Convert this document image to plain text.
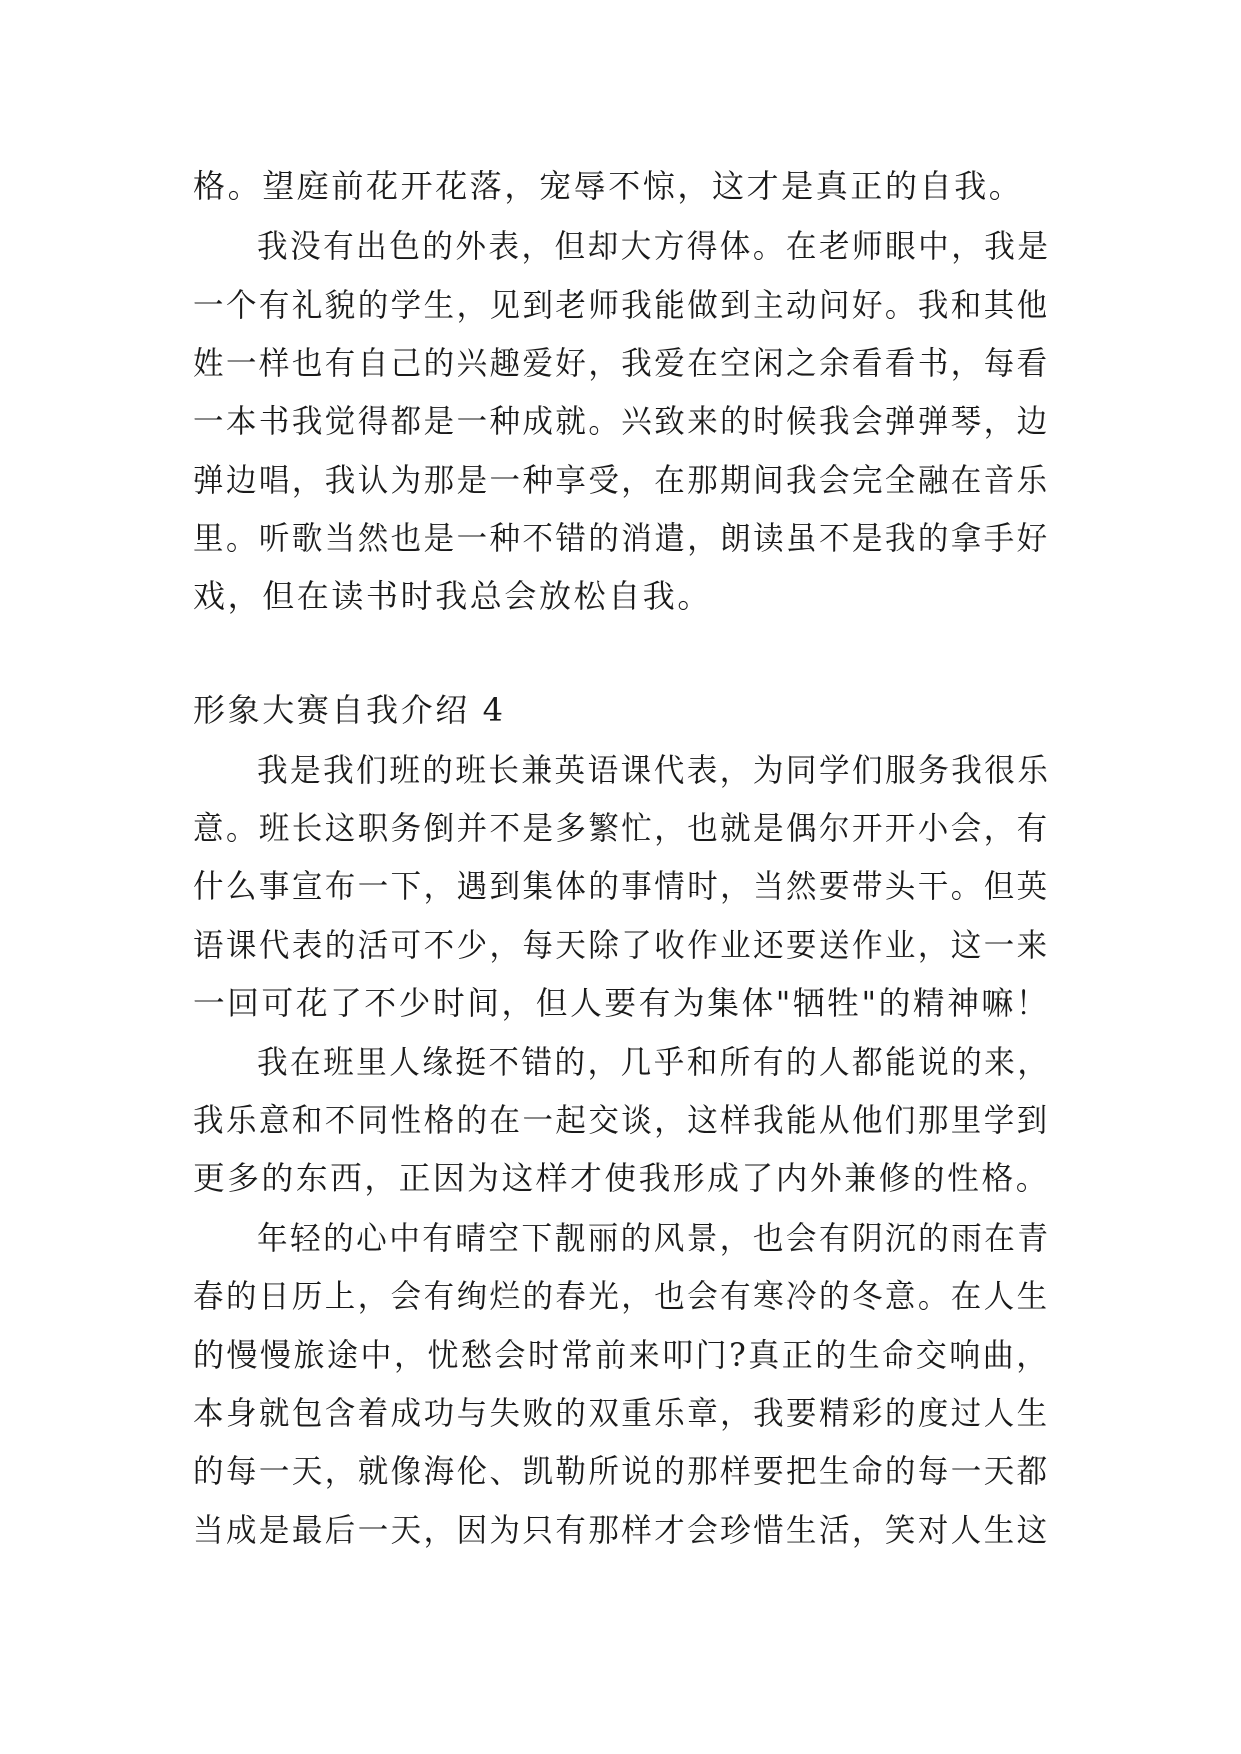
格。望庭前花开花落，宠辱不惊，这才是真正的自我。
我没有出色的外表，但却大方得体。在老师眼中，我是
一个有礼貌的学生，见到老师我能做到主动问好。我和其他
姓一样也有自己的兴趣爱好，我爱在空闲之余看看书，每看
一本书我觉得都是一种成就。兴致来的时候我会弹弹琴，边
弹边唱，我认为那是一种享受，在那期间我会完全融在音乐
里。听歌当然也是一种不错的消遣，朗读虽不是我的拿手好
戏，但在读书时我总会放松自我。
形象大赛自我介绍 4
我是我们班的班长兼英语课代表，为同学们服务我很乐
意。班长这职务倒并不是多繁忙，也就是偶尔开开小会，有
什么事宣布一下，遇到集体的事情时，当然要带头干。但英
语课代表的活可不少，每天除了收作业还要送作业，这一来
一回可花了不少时间，但人要有为集体"牺牲"的精神嘛！
我在班里人缘挺不错的，几乎和所有的人都能说的来，
我乐意和不同性格的在一起交谈，这样我能从他们那里学到
更多的东西，正因为这样才使我形成了内外兼修的性格。
年轻的心中有晴空下靓丽的风景，也会有阴沉的雨在青
春的日历上，会有绚烂的春光，也会有寒冷的冬意。在人生
的慢慢旅途中，忧愁会时常前来叩门?真正的生命交响曲，
本身就包含着成功与失败的双重乐章，我要精彩的度过人生
的每一天，就像海伦、凯勒所说的那样要把生命的每一天都
当成是最后一天，因为只有那样才会珍惜生活，笑对人生这
